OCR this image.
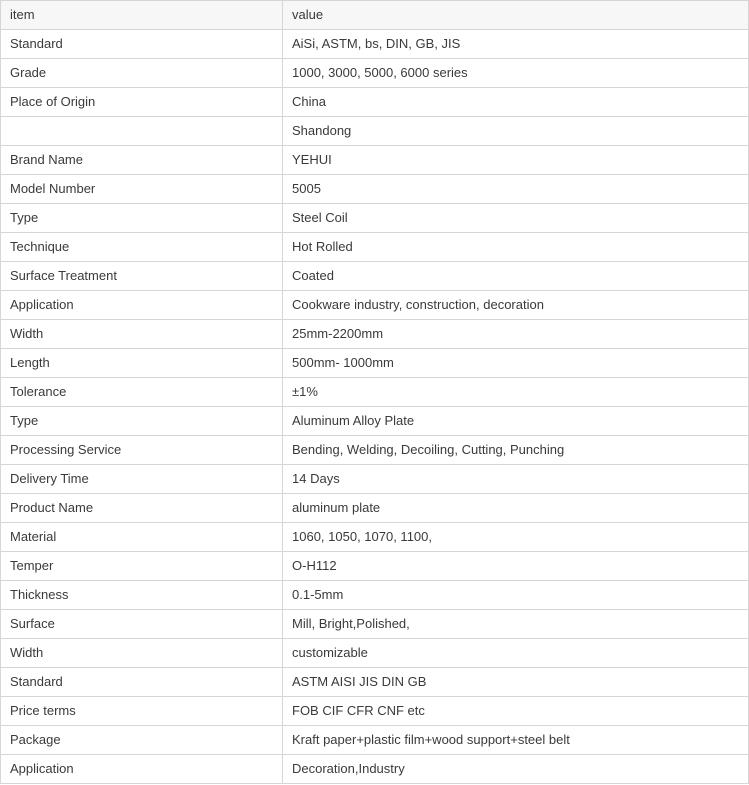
item	value
Standard	AiSi, ASTM, bs, DIN, GB, JIS
Grade	1000, 3000, 5000, 6000 series
Place of Origin	China
	Shandong
Brand Name	YEHUI
Model Number	5005
Type	Steel Coil
Technique	Hot Rolled
Surface Treatment	Coated
Application	Cookware industry, construction, decoration
Width	25mm-2200mm
Length	500mm- 1000mm
Tolerance	±1%
Type	Aluminum Alloy Plate
Processing Service	Bending, Welding, Decoiling, Cutting, Punching
Delivery Time	14 Days
Product Name	aluminum plate
Material	1060, 1050, 1070, 1100,
Temper	O-H112
Thickness	0.1-5mm
Surface	Mill, Bright,Polished,
Width	customizable
Standard	ASTM AISI JIS DIN GB
Price terms	FOB CIF CFR CNF etc
Package	Kraft paper+plastic film+wood support+steel belt
Application	Decoration,Industry
